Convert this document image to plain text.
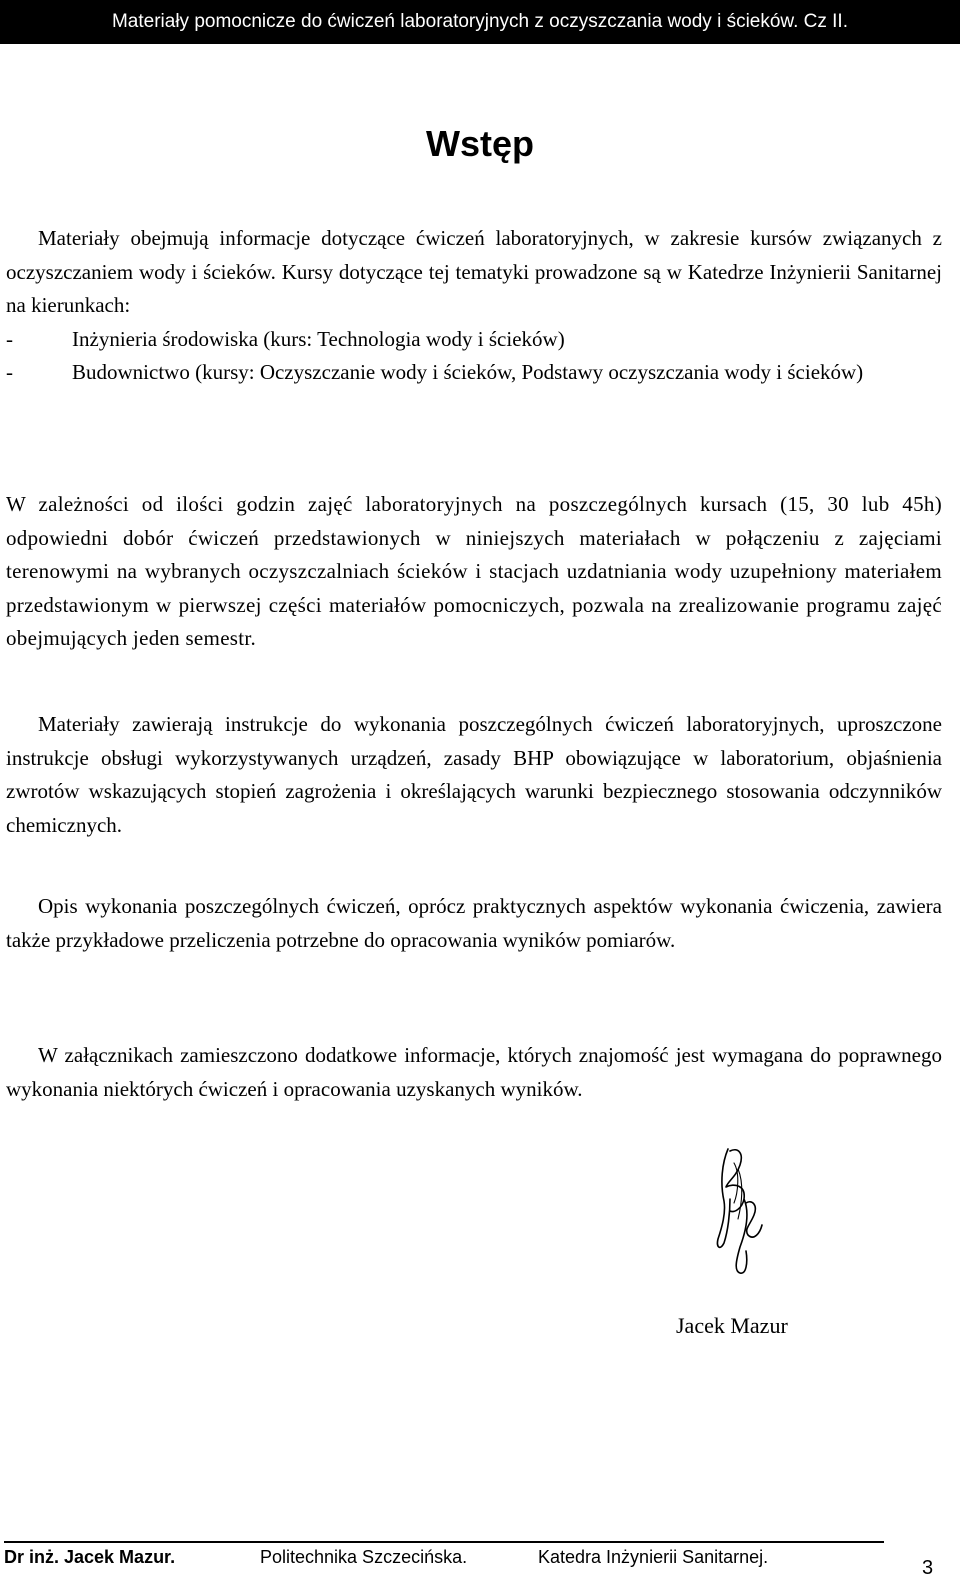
Materiały pomocnicze do ćwiczeń laboratoryjnych z oczyszczania wody i ścieków. Cz II.
Wstęp

Materiały obejmują informacje dotyczące ćwiczeń laboratoryjnych, w zakresie kursów związanych z oczyszczaniem wody i ścieków. Kursy dotyczące tej tematyki prowadzone są w Katedrze Inżynierii Sanitarnej na kierunkach:

-	Inżynieria środowiska (kurs: Technologia wody i ścieków)
-	Budownictwo (kursy: Oczyszczanie wody i ścieków, Podstawy oczyszczania wody i ścieków)

W zależności od ilości godzin zajęć laboratoryjnych na poszczególnych kursach (15, 30 lub 45h) odpowiedni dobór ćwiczeń przedstawionych w niniejszych materiałach w połączeniu z zajęciami terenowymi na wybranych oczyszczalniach ścieków i stacjach uzdatniania wody uzupełniony materiałem przedstawionym w pierwszej części materiałów pomocniczych, pozwala na zrealizowanie programu zajęć obejmujących jeden semestr.

Materiały zawierają instrukcje do wykonania poszczególnych ćwiczeń laboratoryjnych, uproszczone instrukcje obsługi wykorzystywanych urządzeń, zasady BHP obowiązujące w laboratorium, objaśnienia zwrotów wskazujących stopień zagrożenia i określających warunki bezpiecznego stosowania odczynników chemicznych.

Opis wykonania poszczególnych ćwiczeń, oprócz praktycznych aspektów wykonania ćwiczenia, zawiera także przykładowe przeliczenia potrzebne do opracowania wyników pomiarów.

W załącznikach zamieszczono dodatkowe informacje, których znajomość jest wymagana do poprawnego wykonania niektórych ćwiczeń i opracowania uzyskanych wyników.

Jacek Mazur
Dr inż. Jacek Mazur.	Politechnika Szczecińska.	Katedra Inżynierii Sanitarnej.	3
